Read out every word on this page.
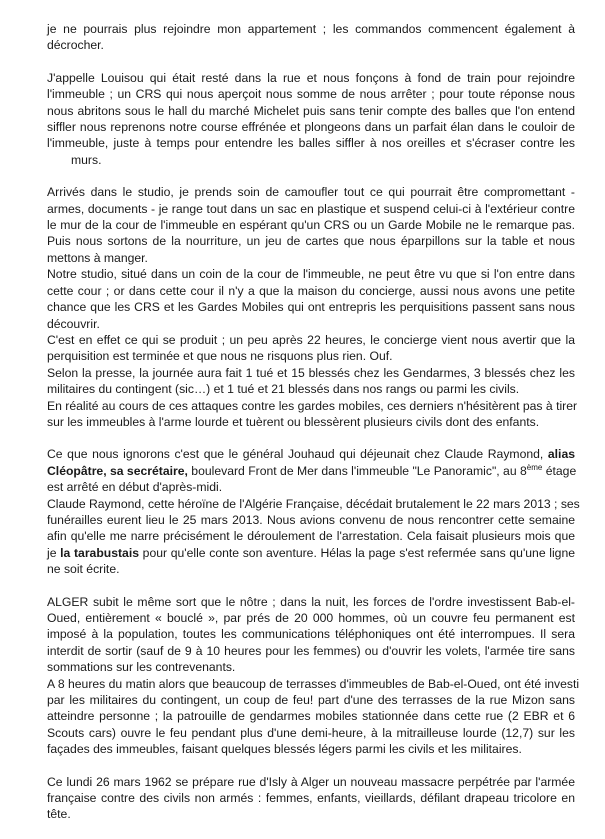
je ne pourrais plus rejoindre mon appartement ; les commandos commencent également à
décrocher.
J'appelle Louisou qui était resté dans la rue et nous fonçons à fond de train pour rejoindre
l'immeuble ; un CRS qui nous aperçoit nous somme de nous arrêter ; pour toute réponse nous
nous abritons sous le hall du marché Michelet puis sans tenir compte des balles que l'on entend
siffler nous reprenons notre course effrénée et plongeons dans un parfait élan dans le couloir de
l'immeuble, juste à temps pour entendre les balles siffler à nos oreilles et s'écraser contre les
murs.
Arrivés dans le studio, je prends soin de camoufler tout ce qui pourrait être compromettant -
armes, documents - je range tout dans un sac en plastique et suspend celui-ci à l'extérieur contre
le mur de la cour de l'immeuble en espérant qu'un CRS ou un Garde Mobile ne le remarque pas.
Puis nous sortons de la nourriture, un jeu de cartes que nous éparpillons sur la table et nous
mettons à manger.
Notre studio, situé dans un coin de la cour de l'immeuble, ne peut être vu que si l'on entre dans
cette cour ; or dans cette cour il n'y a que la maison du concierge, aussi nous avons une petite
chance que les CRS et les Gardes Mobiles qui ont entrepris les perquisitions passent sans nous
découvrir.
C'est en effet ce qui se produit ; un peu après 22 heures, le concierge vient nous avertir que la
perquisition est terminée et que nous ne risquons plus rien. Ouf.
Selon la presse, la journée aura fait 1 tué et 15 blessés chez les Gendarmes, 3 blessés chez les
militaires du contingent (sic…) et 1 tué et 21 blessés dans nos rangs ou parmi les civils.
En réalité au cours de ces attaques contre les gardes mobiles, ces derniers n'hésitèrent pas à tirer
sur les immeubles à l'arme lourde et tuèrent ou blessèrent plusieurs civils dont des enfants.
Ce que nous ignorons c'est que le général Jouhaud qui déjeunait chez Claude Raymond, alias
Cléopâtre, sa secrétaire, boulevard Front de Mer dans l'immeuble "Le Panoramic", au 8ème étage
est arrêté en début d'après-midi.
Claude Raymond, cette héroïne de l'Algérie Française, décédait brutalement le 22 mars 2013 ; ses
funérailles eurent lieu le 25 mars 2013. Nous avions convenu de nous rencontrer cette semaine
afin qu'elle me narre précisément le déroulement de l'arrestation. Cela faisait plusieurs mois que
je la tarabustais pour qu'elle conte son aventure. Hélas la page s'est refermée sans qu'une ligne
ne soit écrite.
ALGER subit le même sort que le nôtre ; dans la nuit, les forces de l'ordre investissent Bab-el-
Oued, entièrement « bouclé », par prés de 20 000 hommes, où un couvre feu permanent est
imposé à la population, toutes les communications téléphoniques ont été interrompues. Il sera
interdit de sortir (sauf de 9 à 10 heures pour les femmes) ou d'ouvrir les volets, l'armée tire sans
sommations sur les contrevenants.
A 8 heures du matin alors que beaucoup de terrasses d'immeubles de Bab-el-Oued, ont été investi
par les militaires du contingent, un coup de feu! part d'une des terrasses de la rue Mizon sans
atteindre personne ; la patrouille de gendarmes mobiles stationnée dans cette rue (2 EBR et 6
Scouts cars) ouvre le feu pendant plus d'une demi-heure, à la mitrailleuse lourde (12,7) sur les
façades des immeubles, faisant quelques blessés légers parmi les civils et les militaires.
Ce lundi 26 mars 1962 se prépare rue d'Isly à Alger un nouveau massacre perpétrée par l'armée
française contre des civils non armés : femmes, enfants, vieillards, défilant drapeau tricolore en
tête.
